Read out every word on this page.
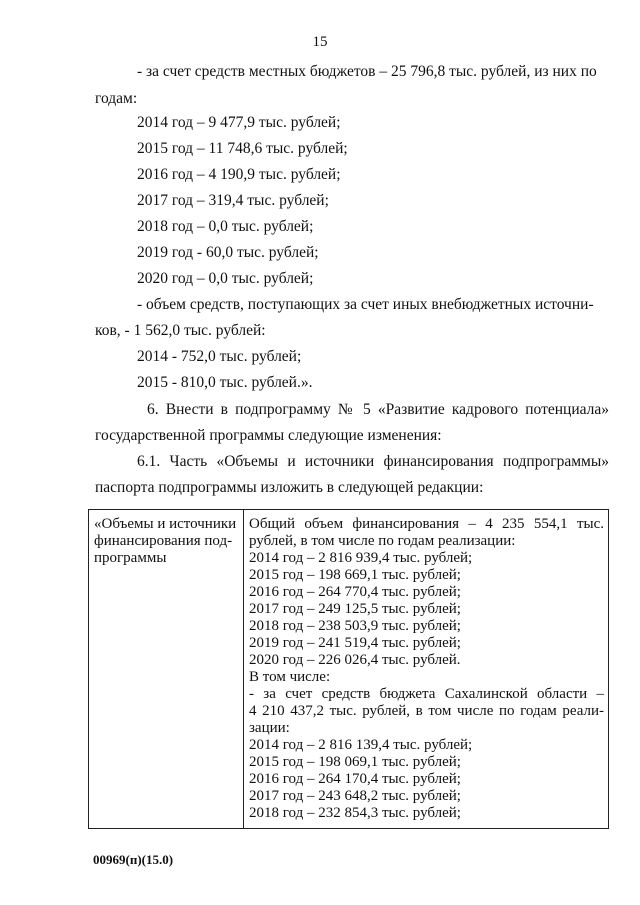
15
- за счет средств местных бюджетов – 25 796,8 тыс. рублей, из них по
годам:
2014 год – 9 477,9 тыс. рублей;
2015 год – 11 748,6 тыс. рублей;
2016 год – 4 190,9 тыс. рублей;
2017 год – 319,4 тыс. рублей;
2018 год – 0,0 тыс. рублей;
2019 год - 60,0 тыс. рублей;
2020 год – 0,0 тыс. рублей;
- объем средств, поступающих за счет иных внебюджетных источни-
ков, - 1 562,0 тыс. рублей:
2014 - 752,0 тыс. рублей;
2015 - 810,0 тыс. рублей.».
6. Внести в подпрограмму № 5 «Развитие кадрового потенциала»
государственной программы следующие изменения:
6.1. Часть «Объемы и источники финансирования подпрограммы»
паспорта подпрограммы изложить в следующей редакции:
«Объемы и источники
финансирования под-
программы
Общий объем финансирования – 4 235 554,1 тыс.
рублей, в том числе по годам реализации:
2014 год – 2 816 939,4 тыс. рублей;
2015 год – 198 669,1 тыс. рублей;
2016 год – 264 770,4 тыс. рублей;
2017 год – 249 125,5 тыс. рублей;
2018 год – 238 503,9 тыс. рублей;
2019 год – 241 519,4 тыс. рублей;
2020 год – 226 026,4 тыс. рублей.
В том числе:
- за счет средств бюджета Сахалинской области –
4 210 437,2 тыс. рублей, в том числе по годам реали-
зации:
2014 год – 2 816 139,4 тыс. рублей;
2015 год – 198 069,1 тыс. рублей;
2016 год – 264 170,4 тыс. рублей;
2017 год – 243 648,2 тыс. рублей;
2018 год – 232 854,3 тыс. рублей;
00969(п)(15.0)
